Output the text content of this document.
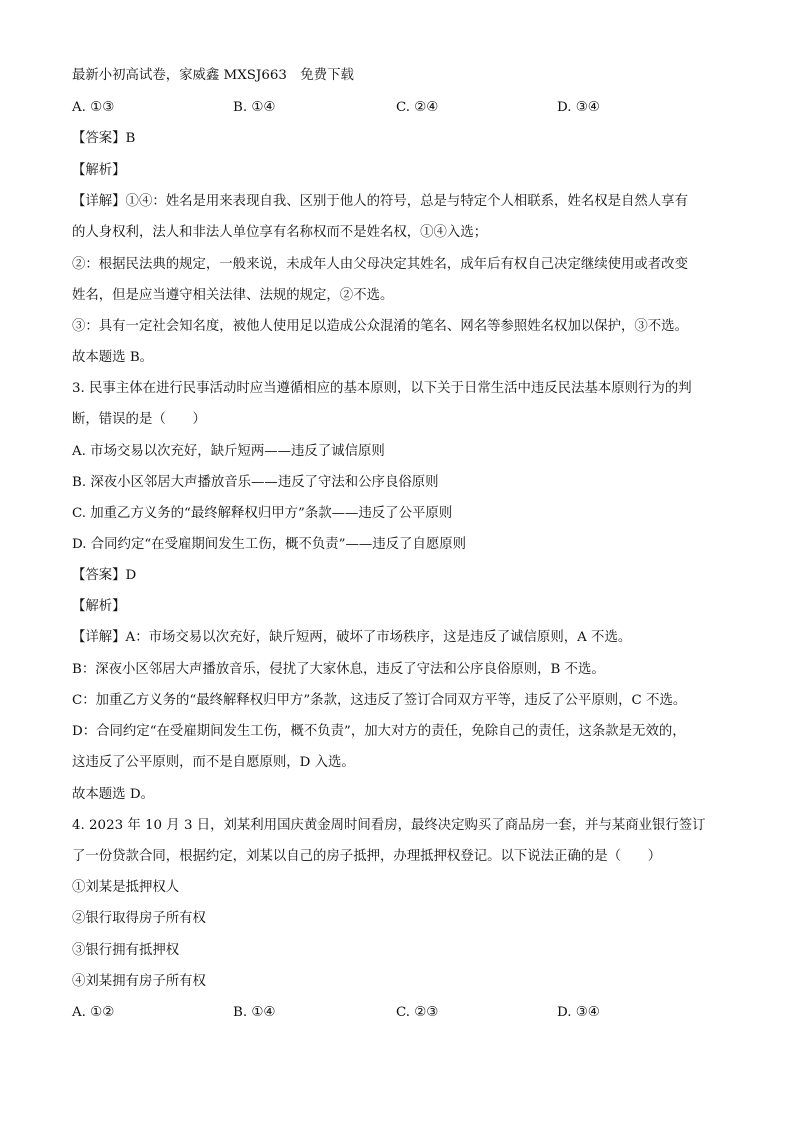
最新小初高试卷，家威鑫 MXSJ663　免费下载
A. ①③	B. ①④	C. ②④	D. ③④
【答案】B
【解析】
【详解】①④：姓名是用来表现自我、区别于他人的符号，总是与特定个人相联系，姓名权是自然人享有
的人身权利，法人和非法人单位享有名称权而不是姓名权，①④入选；
②：根据民法典的规定，一般来说，未成年人由父母决定其姓名，成年后有权自己决定继续使用或者改变
姓名，但是应当遵守相关法律、法规的规定，②不选。
③：具有一定社会知名度，被他人使用足以造成公众混淆的笔名、网名等参照姓名权加以保护，③不选。
故本题选 B。
3. 民事主体在进行民事活动时应当遵循相应的基本原则，以下关于日常生活中违反民法基本原则行为的判
断，错误的是（　　）
A. 市场交易以次充好，缺斤短两——违反了诚信原则
B. 深夜小区邻居大声播放音乐——违反了守法和公序良俗原则
C. 加重乙方义务的“最终解释权归甲方”条款——违反了公平原则
D. 合同约定“在受雇期间发生工伤，概不负责”——违反了自愿原则
【答案】D
【解析】
【详解】A：市场交易以次充好，缺斤短两，破坏了市场秩序，这是违反了诚信原则，A 不选。
B：深夜小区邻居大声播放音乐，侵扰了大家休息，违反了守法和公序良俗原则，B 不选。
C：加重乙方义务的“最终解释权归甲方”条款，这违反了签订合同双方平等，违反了公平原则，C 不选。
D：合同约定“在受雇期间发生工伤，概不负责”，加大对方的责任，免除自己的责任，这条款是无效的，
这违反了公平原则，而不是自愿原则，D 入选。
故本题选 D。
4. 2023 年 10 月 3 日，刘某利用国庆黄金周时间看房，最终决定购买了商品房一套，并与某商业银行签订
了一份贷款合同，根据约定，刘某以自己的房子抵押，办理抵押权登记。以下说法正确的是（　　）
①刘某是抵押权人
②银行取得房子所有权
③银行拥有抵押权
④刘某拥有房子所有权
A. ①②	B. ①④	C. ②③	D. ③④
